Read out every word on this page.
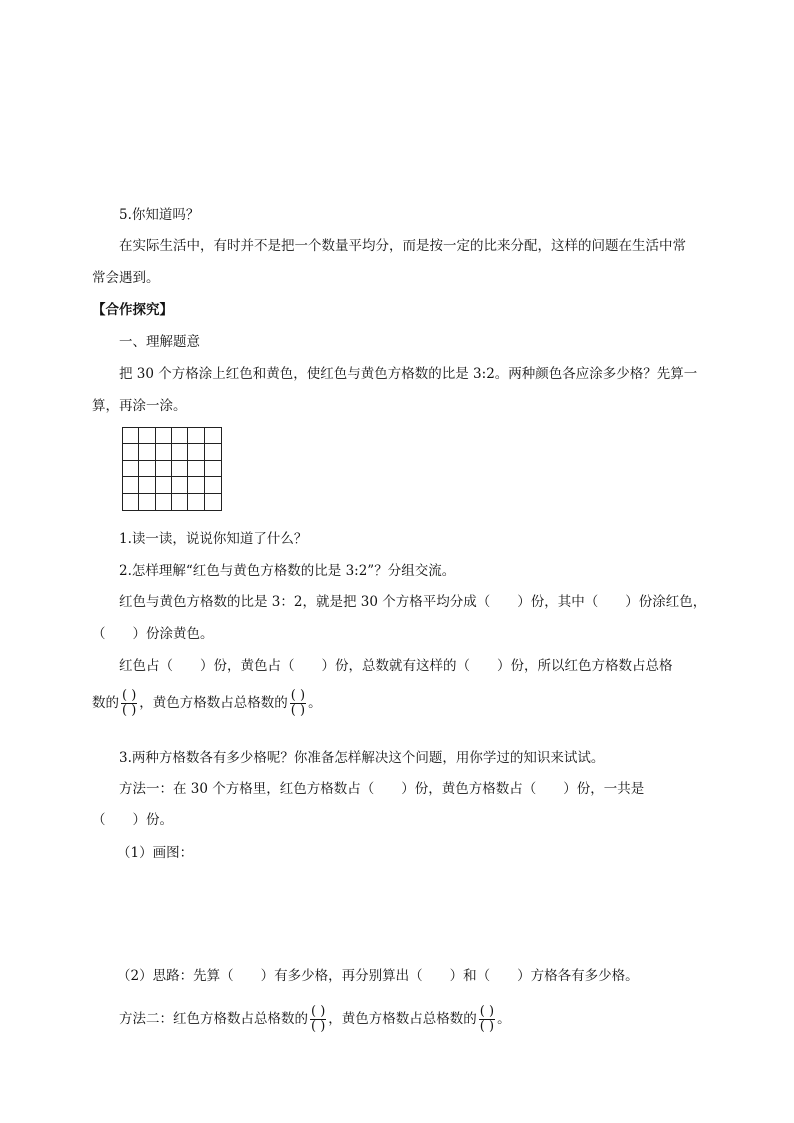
5.你知道吗？
在实际生活中，有时并不是把一个数量平均分，而是按一定的比来分配，这样的问题在生活中常
常会遇到。
【合作探究】
一、理解题意
把 30 个方格涂上红色和黄色，使红色与黄色方格数的比是 3:2。两种颜色各应涂多少格？先算一
算，再涂一涂。
1.读一读，说说你知道了什么？
2.怎样理解“红色与黄色方格数的比是 3:2”？分组交流。
红色与黄色方格数的比是 3：2，就是把 30 个方格平均分成（　　）份，其中（　　）份涂红色，
（　　）份涂黄色。
红色占（　　）份，黄色占（　　）份，总数就有这样的（　　）份，所以红色方格数占总格
数的 $\frac{( )}{( )}$ ，黄色方格数占总格数的 $\frac{( )}{( )}$ 。
3.两种方格数各有多少格呢？你准备怎样解决这个问题，用你学过的知识来试试。
方法一：在 30 个方格里，红色方格数占（　　）份，黄色方格数占（　　）份，一共是
（　　）份。
（1）画图：
（2）思路：先算（　　）有多少格，再分别算出（　　）和（　　）方格各有多少格。
方法二：红色方格数占总格数的 $\frac{( )}{( )}$ ，黄色方格数占总格数的 $\frac{( )}{( )}$ 。
